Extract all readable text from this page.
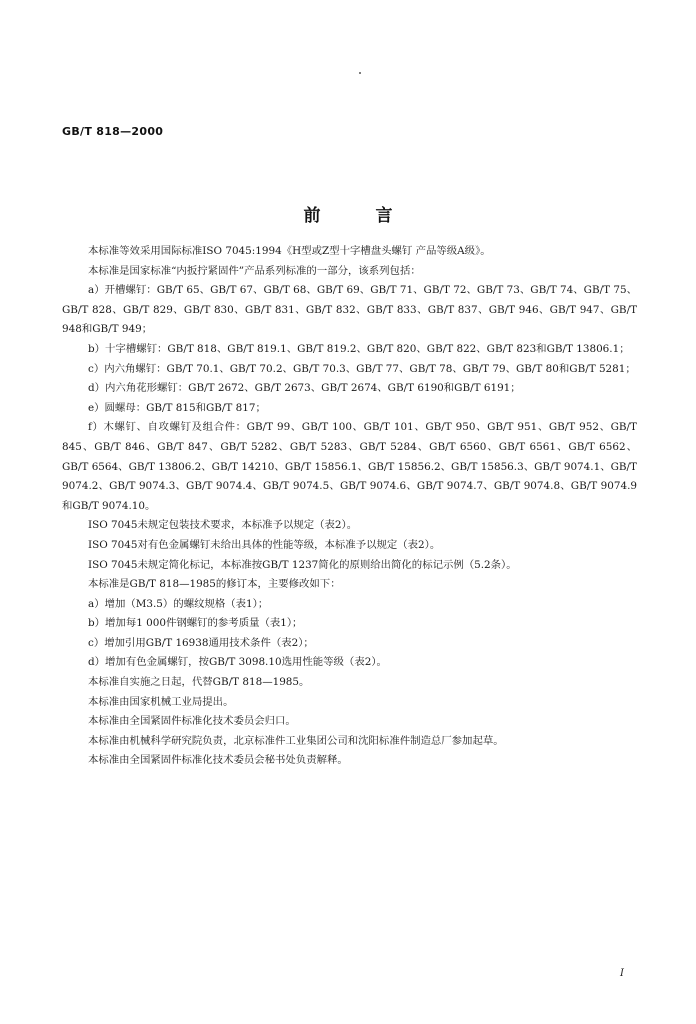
GB/T 818—2000
前言

本标准等效采用国际标准ISO 7045:1994《H型或Z型十字槽盘头螺钉 产品等级A级》。

本标准是国家标准“内扳拧紧固件”产品系列标准的一部分，该系列包括：

a）开槽螺钉：GB/T 65、GB/T 67、GB/T 68、GB/T 69、GB/T 71、GB/T 72、GB/T 73、GB/T 74、GB/T 75、GB/T 828、GB/T 829、GB/T 830、GB/T 831、GB/T 832、GB/T 833、GB/T 837、GB/T 946、GB/T 947、GB/T 948和GB/T 949；

b）十字槽螺钉：GB/T 818、GB/T 819.1、GB/T 819.2、GB/T 820、GB/T 822、GB/T 823和GB/T 13806.1；

c）内六角螺钉：GB/T 70.1、GB/T 70.2、GB/T 70.3、GB/T 77、GB/T 78、GB/T 79、GB/T 80和GB/T 5281；

d）内六角花形螺钉：GB/T 2672、GB/T 2673、GB/T 2674、GB/T 6190和GB/T 6191；

e）圆螺母：GB/T 815和GB/T 817；

f）木螺钉、自攻螺钉及组合件：GB/T 99、GB/T 100、GB/T 101、GB/T 950、GB/T 951、GB/T 952、GB/T 845、GB/T 846、GB/T 847、GB/T 5282、GB/T 5283、GB/T 5284、GB/T 6560、GB/T 6561、GB/T 6562、GB/T 6564、GB/T 13806.2、GB/T 14210、GB/T 15856.1、GB/T 15856.2、GB/T 15856.3、GB/T 9074.1、GB/T 9074.2、GB/T 9074.3、GB/T 9074.4、GB/T 9074.5、GB/T 9074.6、GB/T 9074.7、GB/T 9074.8、GB/T 9074.9和GB/T 9074.10。

ISO 7045未规定包装技术要求，本标准予以规定（表2）。

ISO 7045对有色金属螺钉未给出具体的性能等级，本标准予以规定（表2）。

ISO 7045未规定简化标记，本标准按GB/T 1237简化的原则给出简化的标记示例（5.2条）。

本标准是GB/T 818—1985的修订本，主要修改如下：

a）增加（M3.5）的螺纹规格（表1）；

b）增加每1 000件钢螺钉的参考质量（表1）；

c）增加引用GB/T 16938通用技术条件（表2）；

d）增加有色金属螺钉，按GB/T 3098.10选用性能等级（表2）。

本标准自实施之日起，代替GB/T 818—1985。

本标准由国家机械工业局提出。

本标准由全国紧固件标准化技术委员会归口。

本标准由机械科学研究院负责，北京标准件工业集团公司和沈阳标准件制造总厂参加起草。

本标准由全国紧固件标准化技术委员会秘书处负责解释。

I
